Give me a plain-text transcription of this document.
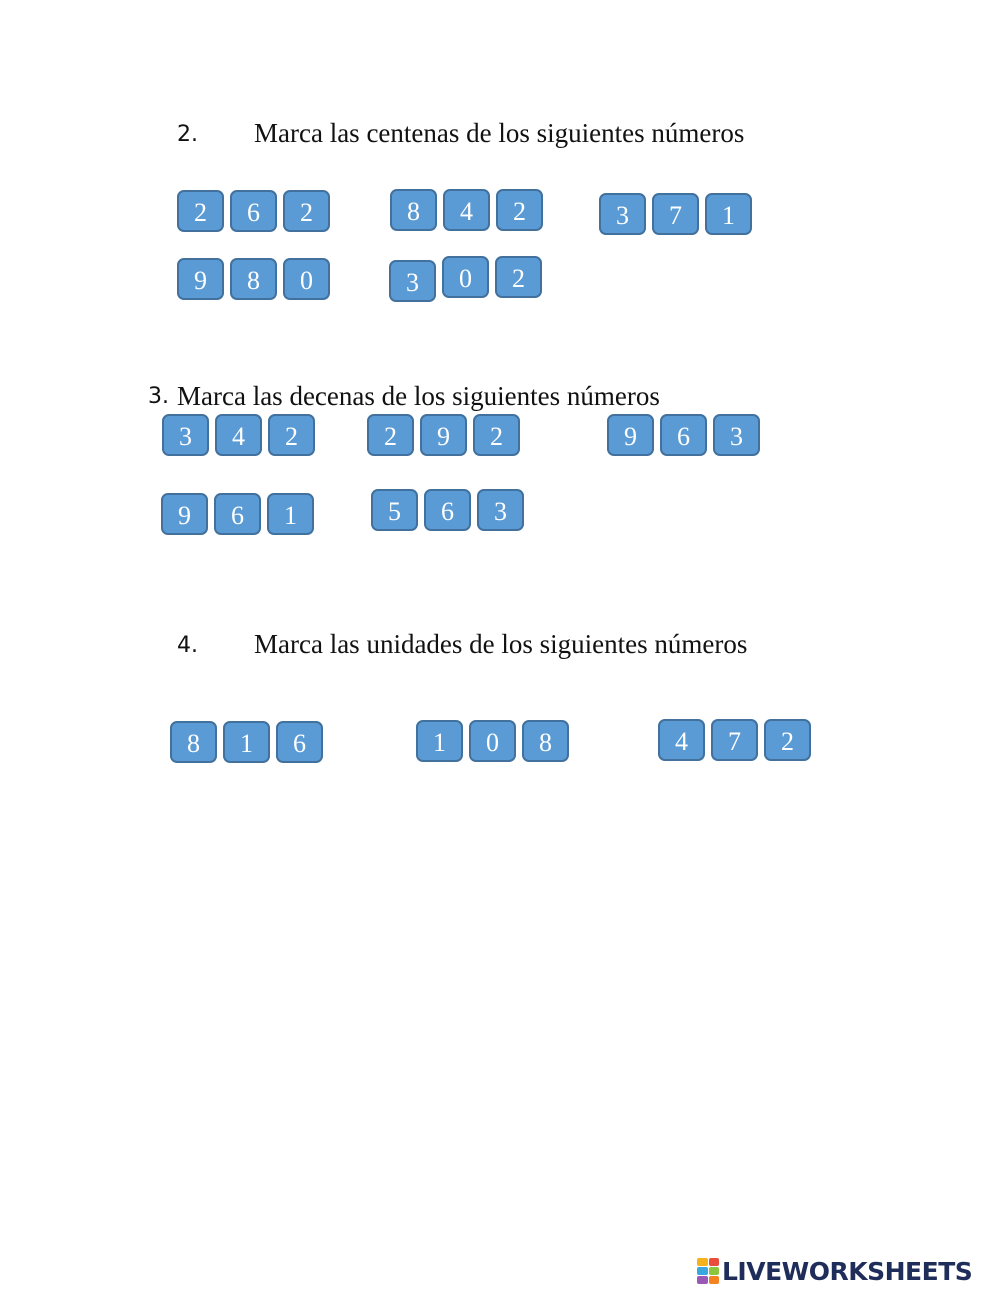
2. Marca las centenas de los siguientes números
2	6	2	8	4	2	3	7	1
9	8	0	3	0	2
3. Marca las decenas de los siguientes números
3	4	2	2	9	2	9	6	3
9	6	1	5	6	3
4. Marca las unidades de los siguientes números
8	1	6	1	0	8	4	7	2
LIVEWORKSHEETS
